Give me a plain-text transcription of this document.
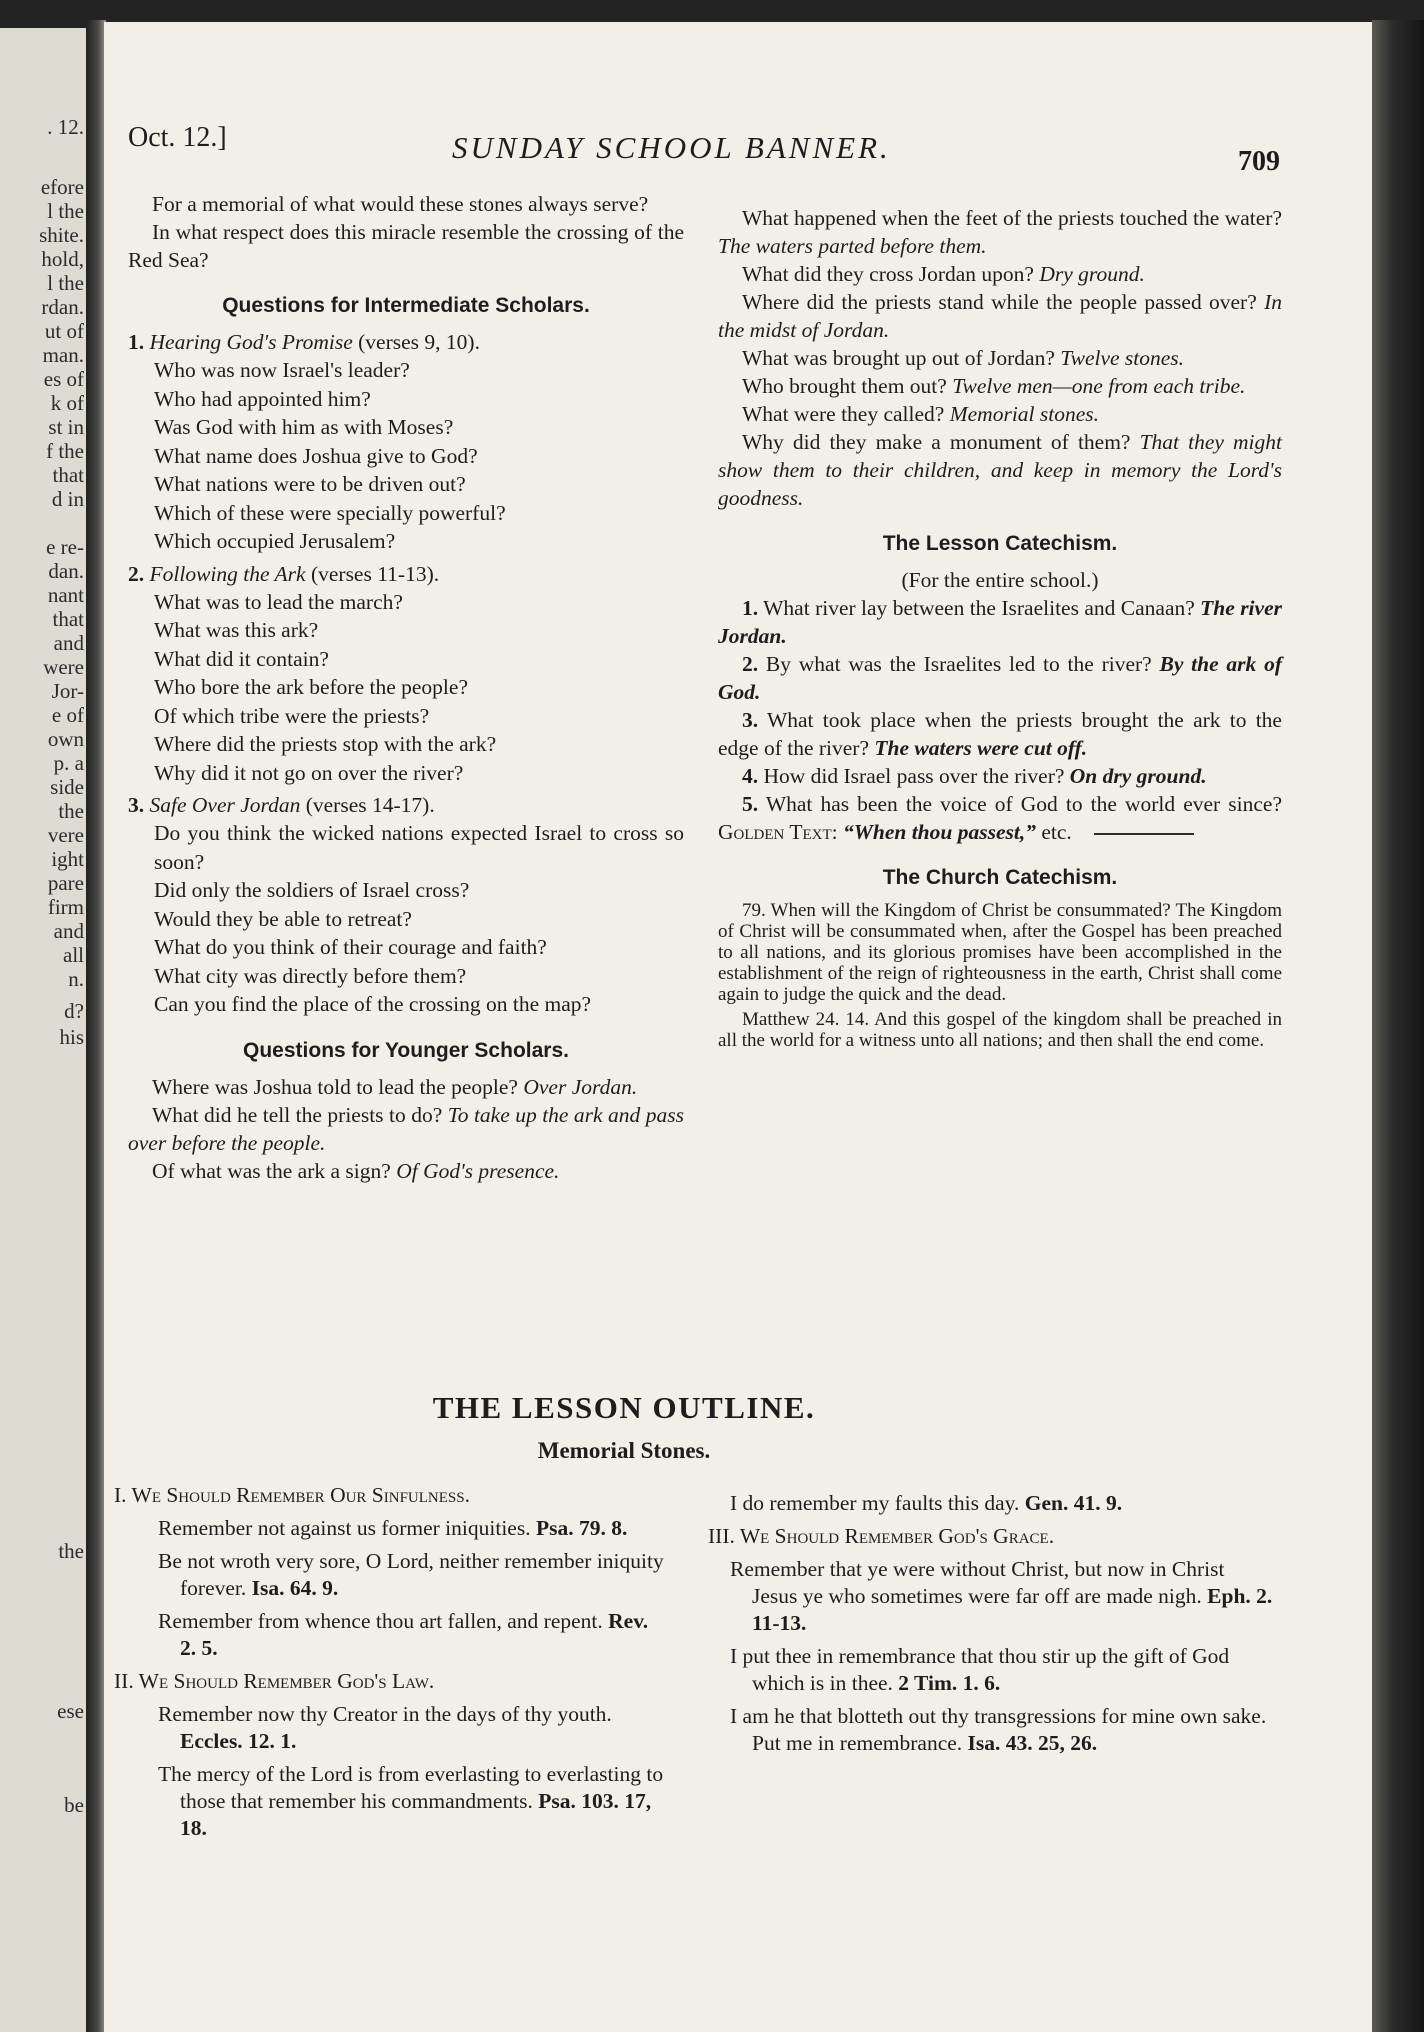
Oct. 12.]	SUNDAY SCHOOL BANNER.	709

For a memorial of what would these stones always serve?

In what respect does this miracle resemble the crossing of the Red Sea?

Questions for Intermediate Scholars.

1. Hearing God's Promise (verses 9, 10).

Who was now Israel's leader?

Who had appointed him?

Was God with him as with Moses?

What name does Joshua give to God?

What nations were to be driven out?

Which of these were specially powerful?

Which occupied Jerusalem?

2. Following the Ark (verses 11-13).

What was to lead the march?

What was this ark?

What did it contain?

Who bore the ark before the people?

Of which tribe were the priests?

Where did the priests stop with the ark?

Why did it not go on over the river?

3. Safe Over Jordan (verses 14-17).

Do you think the wicked nations expected Israel to cross so soon?

Did only the soldiers of Israel cross?

Would they be able to retreat?

What do you think of their courage and faith?

What city was directly before them?

Can you find the place of the crossing on the map?

Questions for Younger Scholars.

Where was Joshua told to lead the people? Over Jordan.

What did he tell the priests to do? To take up the ark and pass over before the people.

Of what was the ark a sign? Of God's presence.

What happened when the feet of the priests touched the water? The waters parted before them.

What did they cross Jordan upon? Dry ground.

Where did the priests stand while the people passed over? In the midst of Jordan.

What was brought up out of Jordan? Twelve stones.

Who brought them out? Twelve men—one from each tribe.

What were they called? Memorial stones.

Why did they make a monument of them? That they might show them to their children, and keep in memory the Lord's goodness.

The Lesson Catechism.

(For the entire school.)

1. What river lay between the Israelites and Canaan? The river Jordan.

2. By what was the Israelites led to the river? By the ark of God.

3. What took place when the priests brought the ark to the edge of the river? The waters were cut off.

4. How did Israel pass over the river? On dry ground.

5. What has been the voice of God to the world ever since? Golden Text: “When thou passest,” etc.

The Church Catechism.

79. When will the Kingdom of Christ be consummated? The Kingdom of Christ will be consummated when, after the Gospel has been preached to all nations, and its glorious promises have been accomplished in the establishment of the reign of righteousness in the earth, Christ shall come again to judge the quick and the dead.

Matthew 24. 14. And this gospel of the kingdom shall be preached in all the world for a witness unto all nations; and then shall the end come.

THE LESSON OUTLINE.
Memorial Stones.

I. We Should Remember Our Sinfulness.

Remember not against us former iniquities. Psa. 79. 8.

Be not wroth very sore, O Lord, neither remember iniquity forever. Isa. 64. 9.

Remember from whence thou art fallen, and repent. Rev. 2. 5.

II. We Should Remember God's Law.

Remember now thy Creator in the days of thy youth. Eccles. 12. 1.

The mercy of the Lord is from everlasting to everlasting to those that remember his commandments. Psa. 103. 17, 18.

I do remember my faults this day. Gen. 41. 9.

III. We Should Remember God's Grace.

Remember that ye were without Christ, but now in Christ Jesus ye who sometimes were far off are made nigh. Eph. 2. 11-13.

I put thee in remembrance that thou stir up the gift of God which is in thee. 2 Tim. 1. 6.

I am he that blotteth out thy transgressions for mine own sake. Put me in remembrance. Isa. 43. 25, 26.

. 12.
efore
l the
shite.
hold,
l the
rdan.
ut of
man.
es of
k of
st in
f the
that
d in
e re-
dan.
nant
that
and
were
Jor-
e of
own
p. a
side
the
vere
ight
pare
firm
and
all
n.
d?
his
the
ese
be
